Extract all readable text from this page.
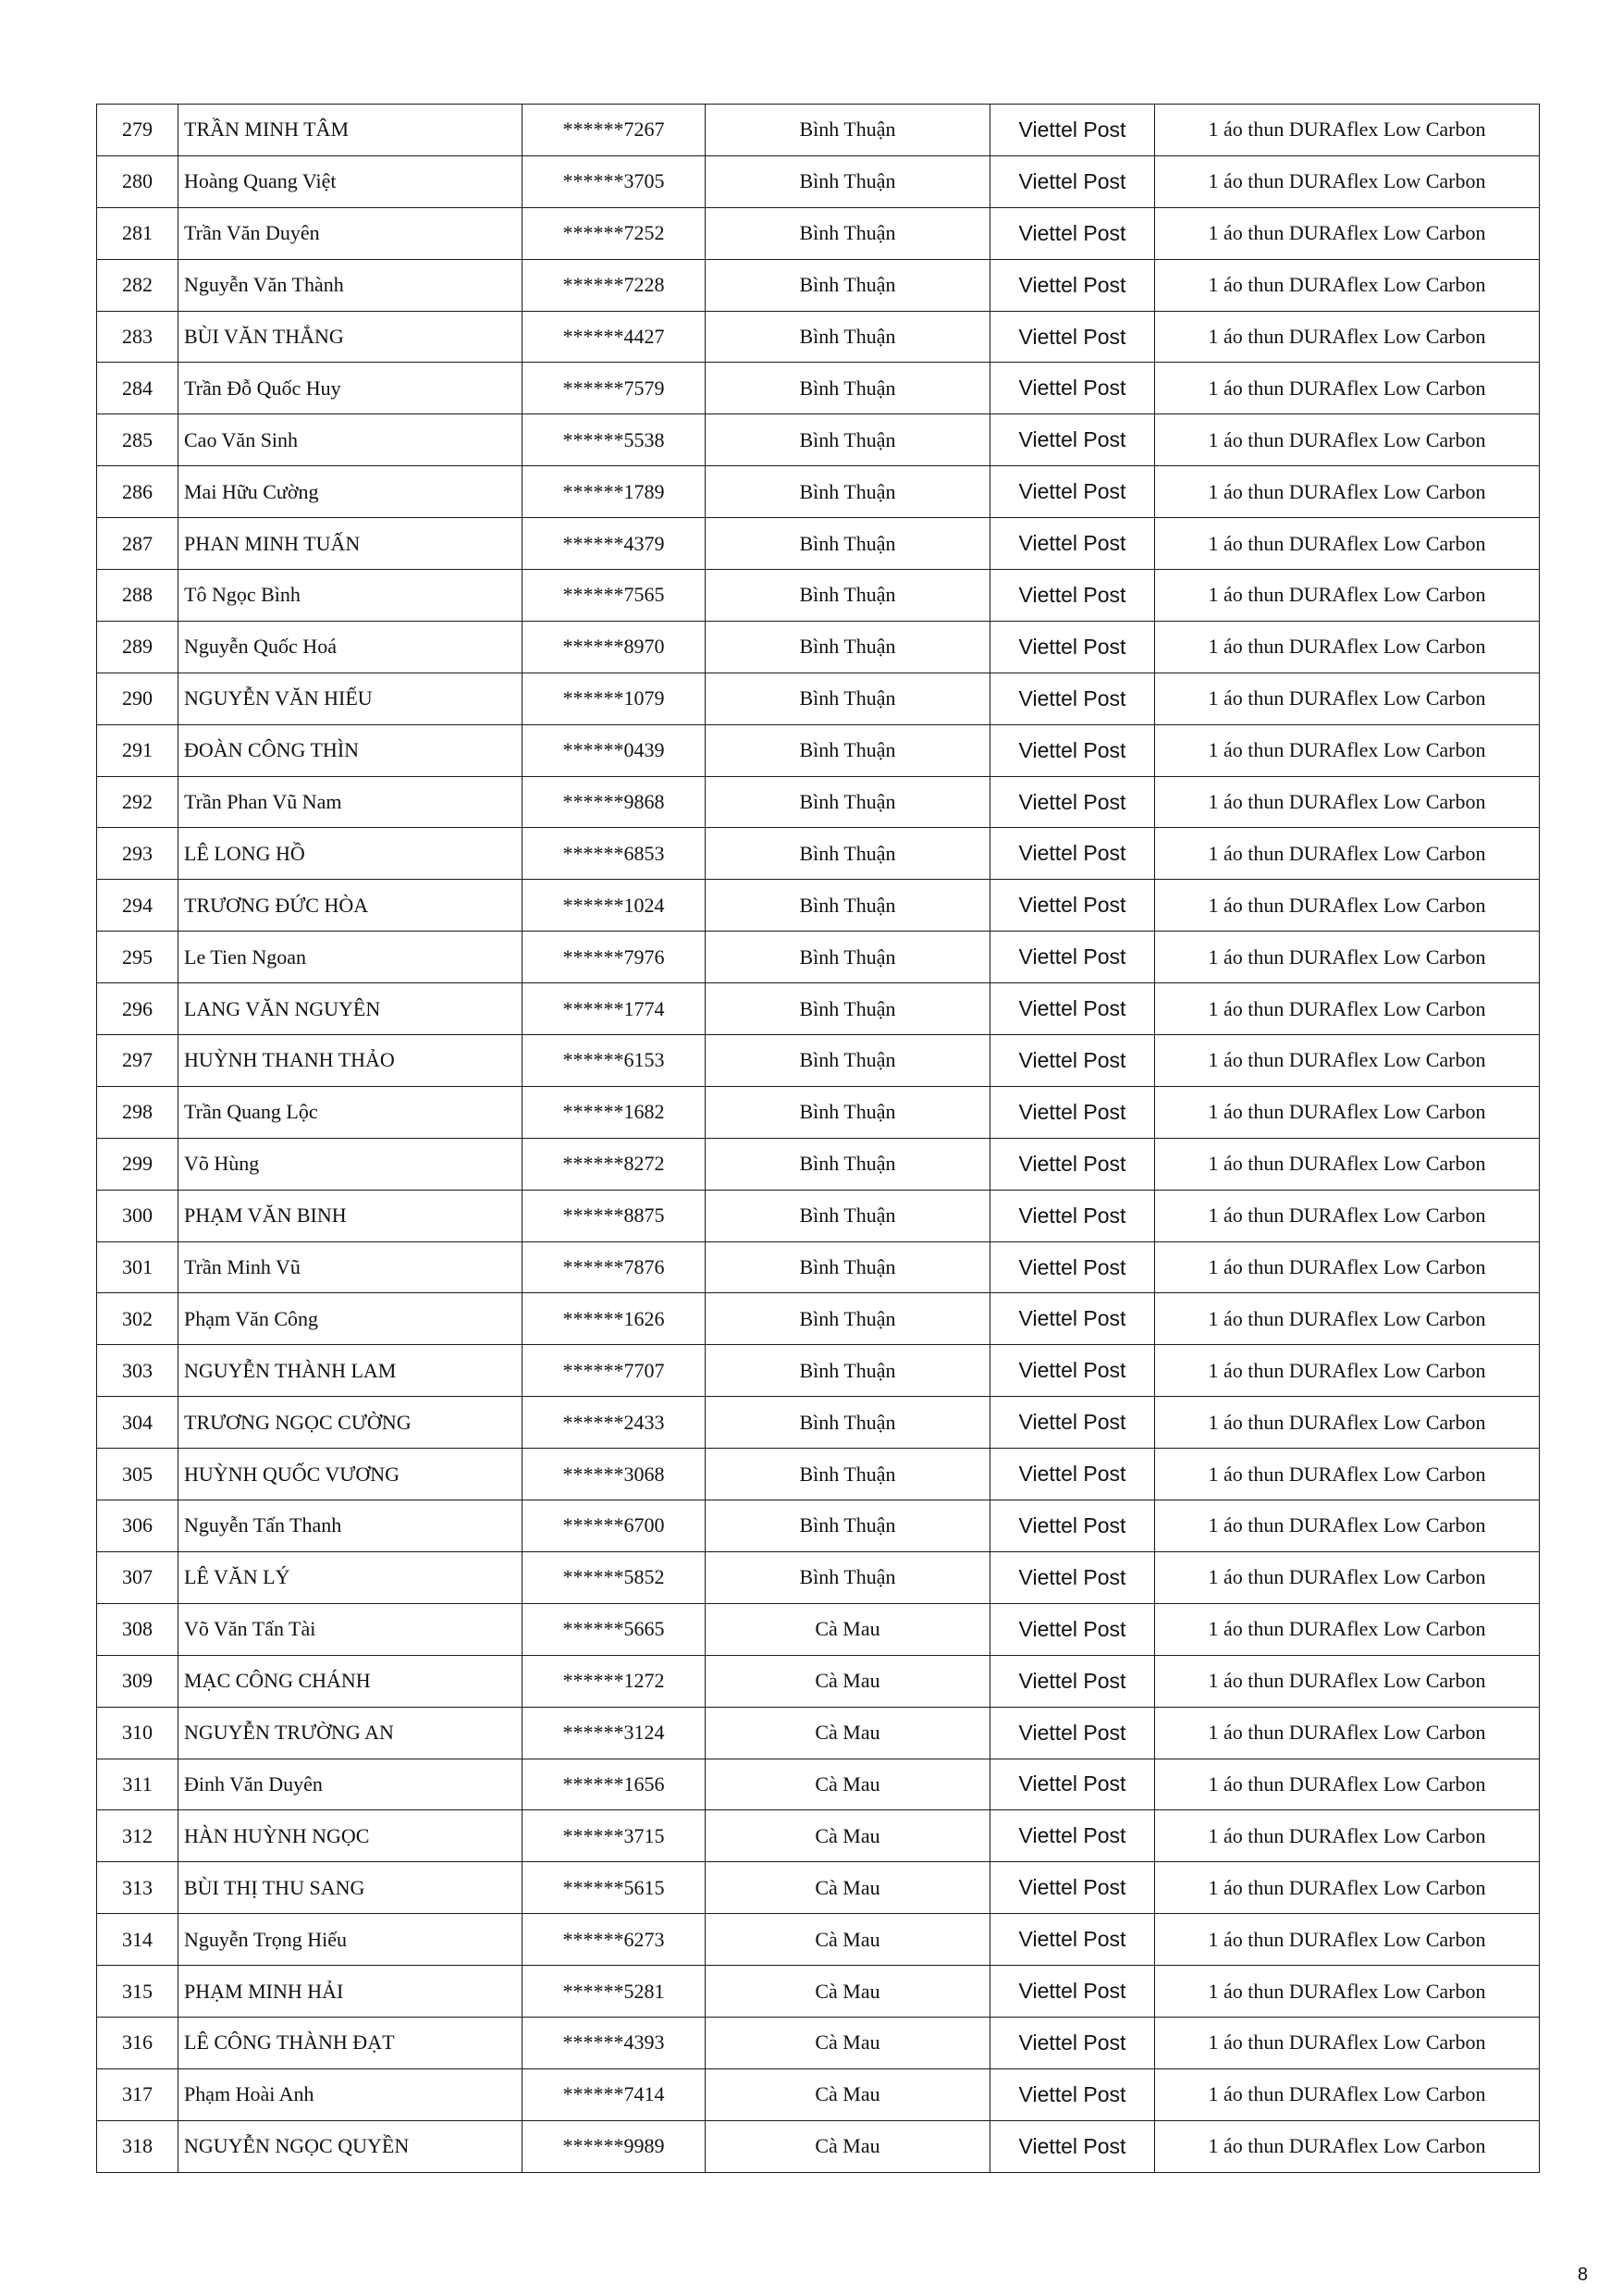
279	TRẦN MINH TÂM	******7267	Bình Thuận	Viettel Post	1 áo thun DURAflex Low Carbon
280	Hoàng Quang Việt	******3705	Bình Thuận	Viettel Post	1 áo thun DURAflex Low Carbon
281	Trần Văn Duyên	******7252	Bình Thuận	Viettel Post	1 áo thun DURAflex Low Carbon
282	Nguyễn Văn Thành	******7228	Bình Thuận	Viettel Post	1 áo thun DURAflex Low Carbon
283	BÙI VĂN THẮNG	******4427	Bình Thuận	Viettel Post	1 áo thun DURAflex Low Carbon
284	Trần Đỗ Quốc Huy	******7579	Bình Thuận	Viettel Post	1 áo thun DURAflex Low Carbon
285	Cao Văn Sinh	******5538	Bình Thuận	Viettel Post	1 áo thun DURAflex Low Carbon
286	Mai Hữu Cường	******1789	Bình Thuận	Viettel Post	1 áo thun DURAflex Low Carbon
287	PHAN MINH TUẤN	******4379	Bình Thuận	Viettel Post	1 áo thun DURAflex Low Carbon
288	Tô Ngọc Bình	******7565	Bình Thuận	Viettel Post	1 áo thun DURAflex Low Carbon
289	Nguyễn Quốc Hoá	******8970	Bình Thuận	Viettel Post	1 áo thun DURAflex Low Carbon
290	NGUYỄN VĂN HIẾU	******1079	Bình Thuận	Viettel Post	1 áo thun DURAflex Low Carbon
291	ĐOÀN CÔNG THÌN	******0439	Bình Thuận	Viettel Post	1 áo thun DURAflex Low Carbon
292	Trần Phan Vũ Nam	******9868	Bình Thuận	Viettel Post	1 áo thun DURAflex Low Carbon
293	LÊ LONG HỒ	******6853	Bình Thuận	Viettel Post	1 áo thun DURAflex Low Carbon
294	TRƯƠNG ĐỨC HÒA	******1024	Bình Thuận	Viettel Post	1 áo thun DURAflex Low Carbon
295	Le Tien Ngoan	******7976	Bình Thuận	Viettel Post	1 áo thun DURAflex Low Carbon
296	LANG VĂN NGUYÊN	******1774	Bình Thuận	Viettel Post	1 áo thun DURAflex Low Carbon
297	HUỲNH THANH THẢO	******6153	Bình Thuận	Viettel Post	1 áo thun DURAflex Low Carbon
298	Trần Quang Lộc	******1682	Bình Thuận	Viettel Post	1 áo thun DURAflex Low Carbon
299	Võ Hùng	******8272	Bình Thuận	Viettel Post	1 áo thun DURAflex Low Carbon
300	PHẠM VĂN BINH	******8875	Bình Thuận	Viettel Post	1 áo thun DURAflex Low Carbon
301	Trần Minh Vũ	******7876	Bình Thuận	Viettel Post	1 áo thun DURAflex Low Carbon
302	Phạm Văn Công	******1626	Bình Thuận	Viettel Post	1 áo thun DURAflex Low Carbon
303	NGUYỄN THÀNH LAM	******7707	Bình Thuận	Viettel Post	1 áo thun DURAflex Low Carbon
304	TRƯƠNG NGỌC CƯỜNG	******2433	Bình Thuận	Viettel Post	1 áo thun DURAflex Low Carbon
305	HUỲNH QUỐC VƯƠNG	******3068	Bình Thuận	Viettel Post	1 áo thun DURAflex Low Carbon
306	Nguyễn Tấn Thanh	******6700	Bình Thuận	Viettel Post	1 áo thun DURAflex Low Carbon
307	LÊ VĂN LÝ	******5852	Bình Thuận	Viettel Post	1 áo thun DURAflex Low Carbon
308	Võ Văn Tấn Tài	******5665	Cà Mau	Viettel Post	1 áo thun DURAflex Low Carbon
309	MẠC CÔNG CHÁNH	******1272	Cà Mau	Viettel Post	1 áo thun DURAflex Low Carbon
310	NGUYỄN TRƯỜNG AN	******3124	Cà Mau	Viettel Post	1 áo thun DURAflex Low Carbon
311	Đinh Văn Duyên	******1656	Cà Mau	Viettel Post	1 áo thun DURAflex Low Carbon
312	HÀN HUỲNH NGỌC	******3715	Cà Mau	Viettel Post	1 áo thun DURAflex Low Carbon
313	BÙI THỊ THU SANG	******5615	Cà Mau	Viettel Post	1 áo thun DURAflex Low Carbon
314	Nguyễn Trọng Hiếu	******6273	Cà Mau	Viettel Post	1 áo thun DURAflex Low Carbon
315	PHẠM MINH HẢI	******5281	Cà Mau	Viettel Post	1 áo thun DURAflex Low Carbon
316	LÊ CÔNG THÀNH ĐẠT	******4393	Cà Mau	Viettel Post	1 áo thun DURAflex Low Carbon
317	Phạm Hoài Anh	******7414	Cà Mau	Viettel Post	1 áo thun DURAflex Low Carbon
318	NGUYỄN NGỌC QUYỀN	******9989	Cà Mau	Viettel Post	1 áo thun DURAflex Low Carbon
8
